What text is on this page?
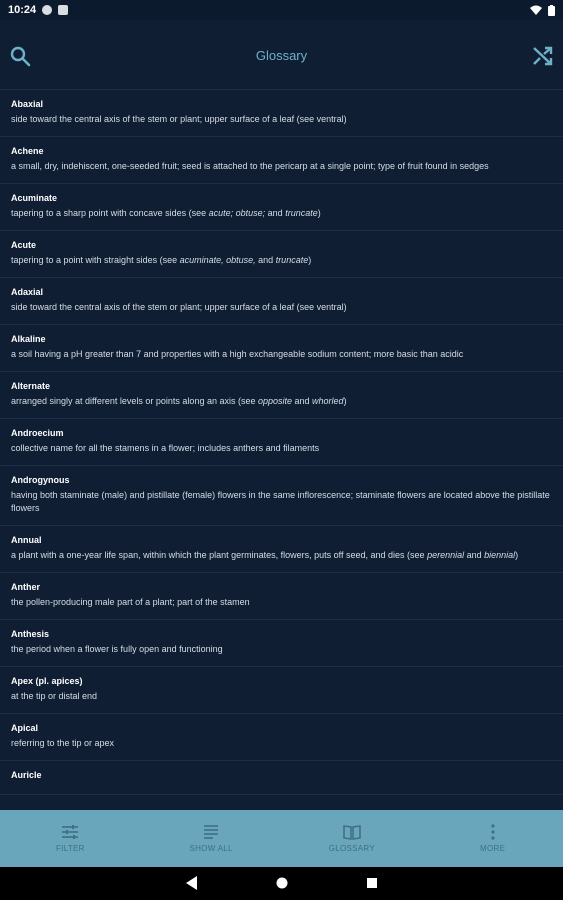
10:24
Glossary
Abaxial
side toward the central axis of the stem or plant; upper surface of a leaf (see ventral)
Achene
a small, dry, indehiscent, one-seeded fruit; seed is attached to the pericarp at a single point; type of fruit found in sedges
Acuminate
tapering to a sharp point with concave sides (see acute; obtuse; and truncate)
Acute
tapering to a point with straight sides (see acuminate, obtuse, and truncate)
Adaxial
side toward the central axis of the stem or plant; upper surface of a leaf (see ventral)
Alkaline
a soil having a pH greater than 7 and properties with a high exchangeable sodium content; more basic than acidic
Alternate
arranged singly at different levels or points along an axis (see opposite and whorled)
Androecium
collective name for all the stamens in a flower; includes anthers and filaments
Androgynous
having both staminate (male) and pistillate (female) flowers in the same inflorescence; staminate flowers are located above the pistillate flowers
Annual
a plant with a one-year life span, within which the plant germinates, flowers, puts off seed, and dies (see perennial and biennial)
Anther
the pollen-producing male part of a plant; part of the stamen
Anthesis
the period when a flower is fully open and functioning
Apex (pl. apices)
at the tip or distal end
Apical
referring to the tip or apex
Auricle
FILTER	SHOW ALL	GLOSSARY	MORE
